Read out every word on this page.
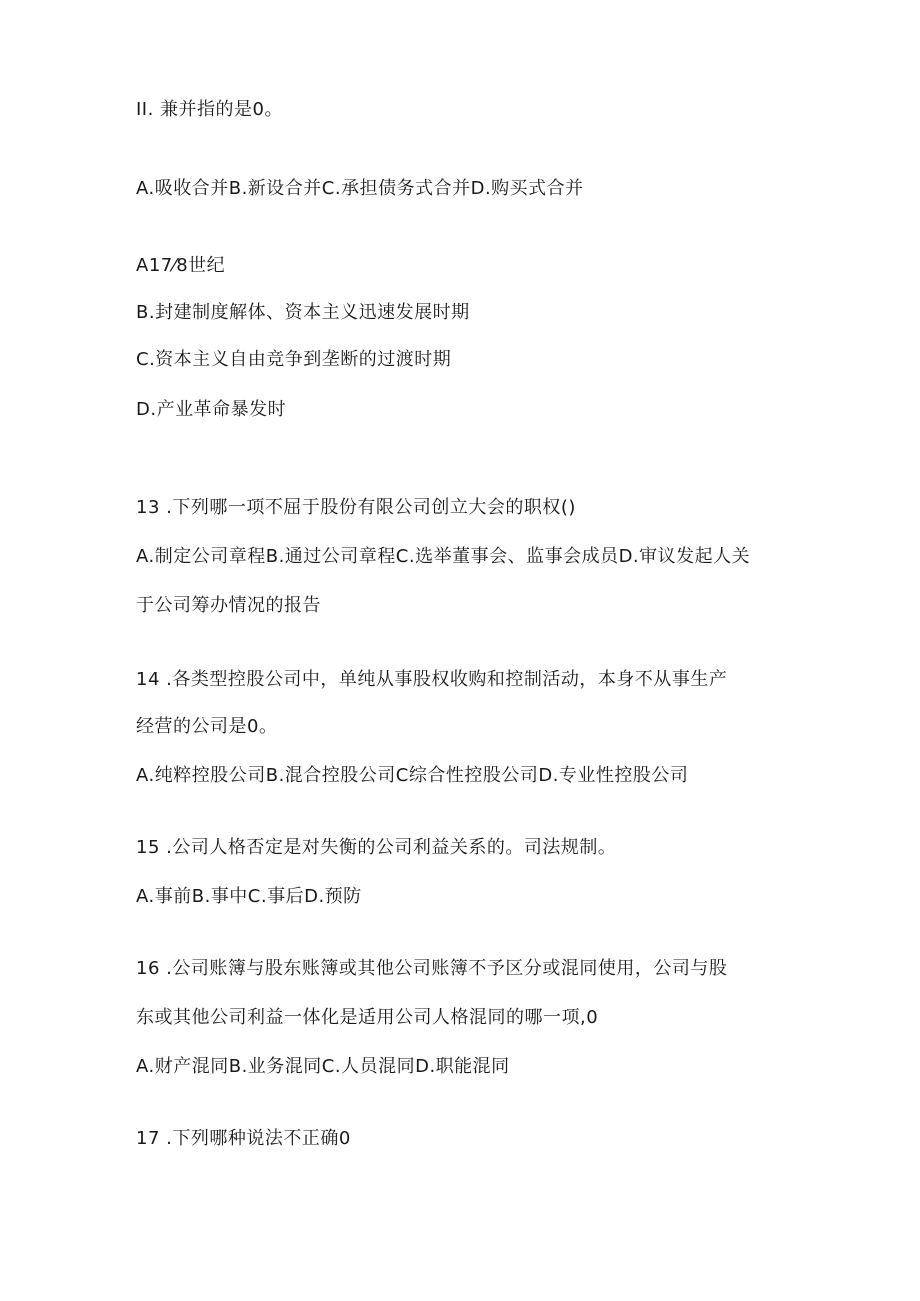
II. 兼并指的是0。
A.吸收合并B.新设合并C.承担债务式合并D.购买式合并
A17⁄8世纪
B.封建制度解体、资本主义迅速发展时期
C.资本主义自由竞争到垄断的过渡时期
D.产业革命暴发时
13 .下列哪一项不屈于股份有限公司创立大会的职权()
A.制定公司章程B.通过公司章程C.选举董事会、监事会成员D.审议发起人关
于公司筹办情况的报告
14 .各类型控股公司中，单纯从事股权收购和控制活动，本身不从事生产
经营的公司是0。
A.纯粹控股公司B.混合控股公司C综合性控股公司D.专业性控股公司
15 .公司人格否定是对失衡的公司利益关系的。司法规制。
A.事前B.事中C.事后D.预防
16 .公司账簿与股东账簿或其他公司账簿不予区分或混同使用，公司与股
东或其他公司利益一体化是适用公司人格混同的哪一项,0
A.财产混同B.业务混同C.人员混同D.职能混同
17 .下列哪种说法不正确0
